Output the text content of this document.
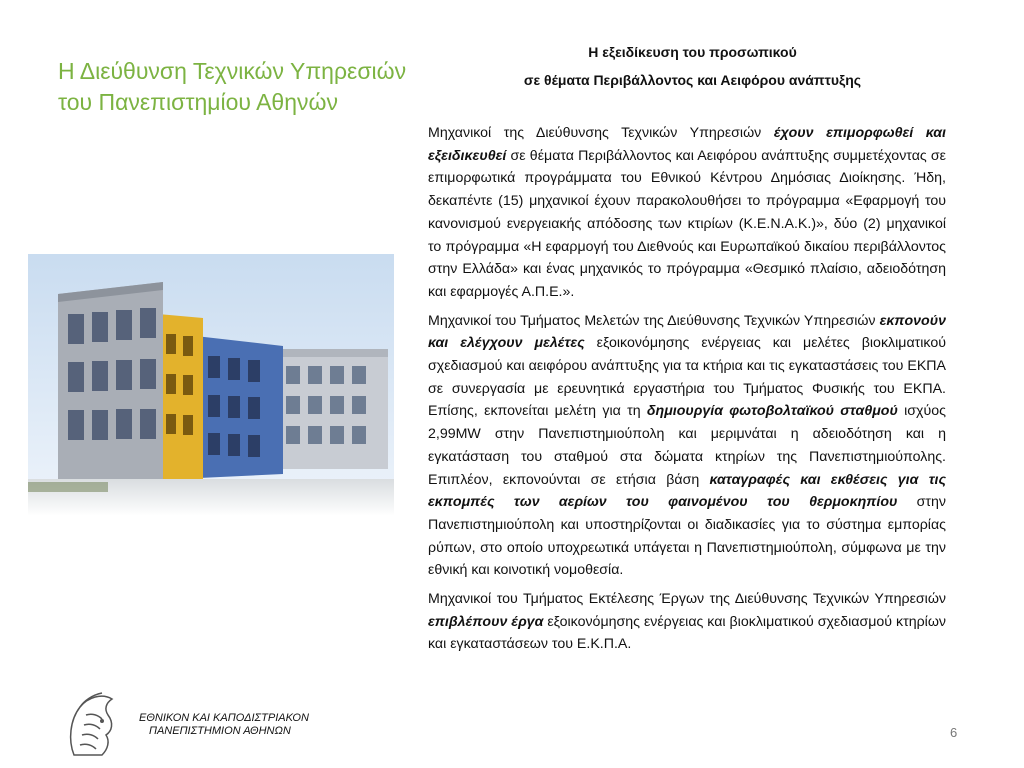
Η Διεύθυνση Τεχνικών Υπηρεσιών
του Πανεπιστημίου Αθηνών
Η εξειδίκευση του προσωπικού
σε θέματα Περιβάλλοντος και Αειφόρου ανάπτυξης

Μηχανικοί της Διεύθυνσης Τεχνικών Υπηρεσιών έχουν επιμορφωθεί και εξειδικευθεί σε θέματα Περιβάλλοντος και Αειφόρου ανάπτυξης συμμετέχοντας σε επιμορφωτικά προγράμματα του Εθνικού Κέντρου Δημόσιας Διοίκησης. Ήδη, δεκαπέντε (15) μηχανικοί έχουν παρακολουθήσει το πρόγραμμα «Εφαρμογή του κανονισμού ενεργειακής απόδοσης των κτιρίων (Κ.Ε.Ν.Α.Κ.)», δύο (2) μηχανικοί το πρόγραμμα «Η εφαρμογή του Διεθνούς και Ευρωπαϊκού δικαίου περιβάλλοντος στην Ελλάδα» και ένας μηχανικός το πρόγραμμα «Θεσμικό πλαίσιο, αδειοδότηση και εφαρμογές Α.Π.Ε.».

Μηχανικοί του Τμήματος Μελετών της Διεύθυνσης Τεχνικών Υπηρεσιών εκπονούν και ελέγχουν μελέτες εξοικονόμησης ενέργειας και μελέτες βιοκλιματικού σχεδιασμού και αειφόρου ανάπτυξης για τα κτήρια και τις εγκαταστάσεις του ΕΚΠΑ σε συνεργασία με ερευνητικά εργαστήρια του Τμήματος Φυσικής του ΕΚΠΑ. Επίσης, εκπονείται μελέτη για τη δημιουργία φωτοβολταϊκού σταθμού ισχύος 2,99MW στην Πανεπιστημιούπολη και μεριμνάται η αδειοδότηση και η εγκατάσταση του σταθμού στα δώματα κτηρίων της Πανεπιστημιούπολης. Επιπλέον, εκπονούνται σε ετήσια βάση καταγραφές και εκθέσεις για τις εκπομπές των αερίων του φαινομένου του θερμοκηπίου στην Πανεπιστημιούπολη και υποστηρίζονται οι διαδικασίες για το σύστημα εμπορίας ρύπων, στο οποίο υποχρεωτικά υπάγεται η Πανεπιστημιούπολη, σύμφωνα με την εθνική και κοινοτική νομοθεσία.

Μηχανικοί του Τμήματος Εκτέλεσης Έργων της Διεύθυνσης Τεχνικών Υπηρεσιών επιβλέπουν έργα εξοικονόμησης ενέργειας και βιοκλιματικού σχεδιασμού κτηρίων και εγκαταστάσεων του Ε.Κ.Π.Α.

ΕΘΝΙΚΟΝ ΚΑΙ ΚΑΠΟΔΙΣΤΡΙΑΚΟΝ
ΠΑΝΕΠΙΣΤΗΜΙΟΝ ΑΘΗΝΩΝ	6
